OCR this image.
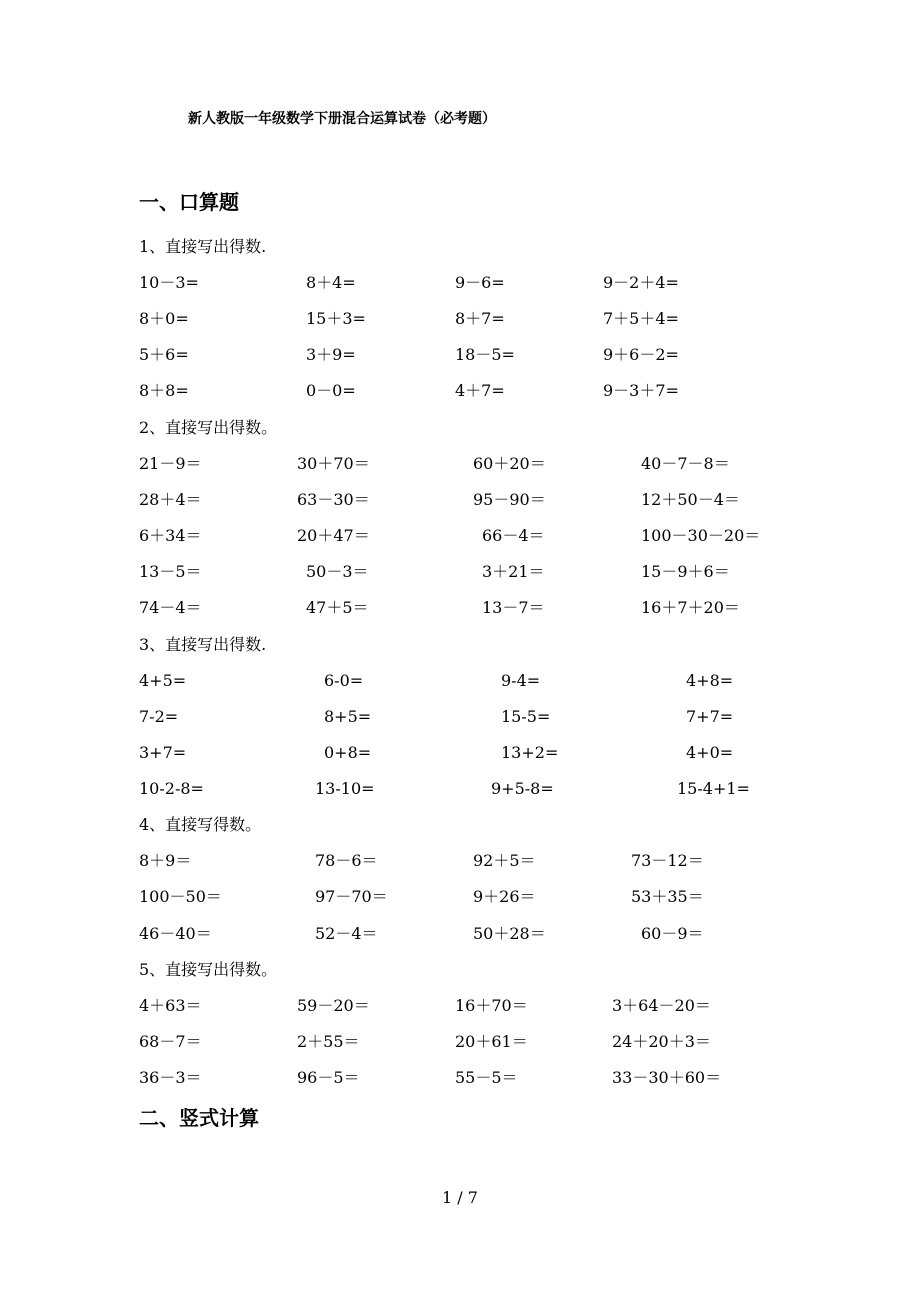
新人教版一年级数学下册混合运算试卷（必考题）
一、口算题
1、直接写出得数.
10－3=	8＋4=	9－6=	9－2＋4=
8＋0=	15＋3=	8＋7=	7＋5＋4=
5＋6=	3＋9=	18－5=	9＋6－2=
8＋8=	0－0=	4＋7=	9－3＋7=
2、直接写出得数。
21－9＝	30＋70＝	60＋20＝	40－7－8＝
28＋4＝	63－30＝	95－90＝	12＋50－4＝
6＋34＝	20＋47＝	66－4＝	100－30－20＝
13－5＝	50－3＝	3＋21＝	15－9＋6＝
74－4＝	47＋5＝	13－7＝	16＋7＋20＝
3、直接写出得数.
4+5=	6-0=	9-4=	4+8=
7-2=	8+5=	15-5=	7+7=
3+7=	0+8=	13+2=	4+0=
10-2-8=	13-10=	9+5-8=	15-4+1=
4、直接写得数。
8＋9＝	78－6＝	92＋5＝	73－12＝
100－50＝	97－70＝	9＋26＝	53＋35＝
46－40＝	52－4＝	50＋28＝	60－9＝
5、直接写出得数。
4＋63＝	59－20＝	16＋70＝	3＋64－20＝
68－7＝	2＋55＝	20＋61＝	24＋20＋3＝
36－3＝	96－5＝	55－5＝	33－30＋60＝
二、竖式计算
1 / 7
